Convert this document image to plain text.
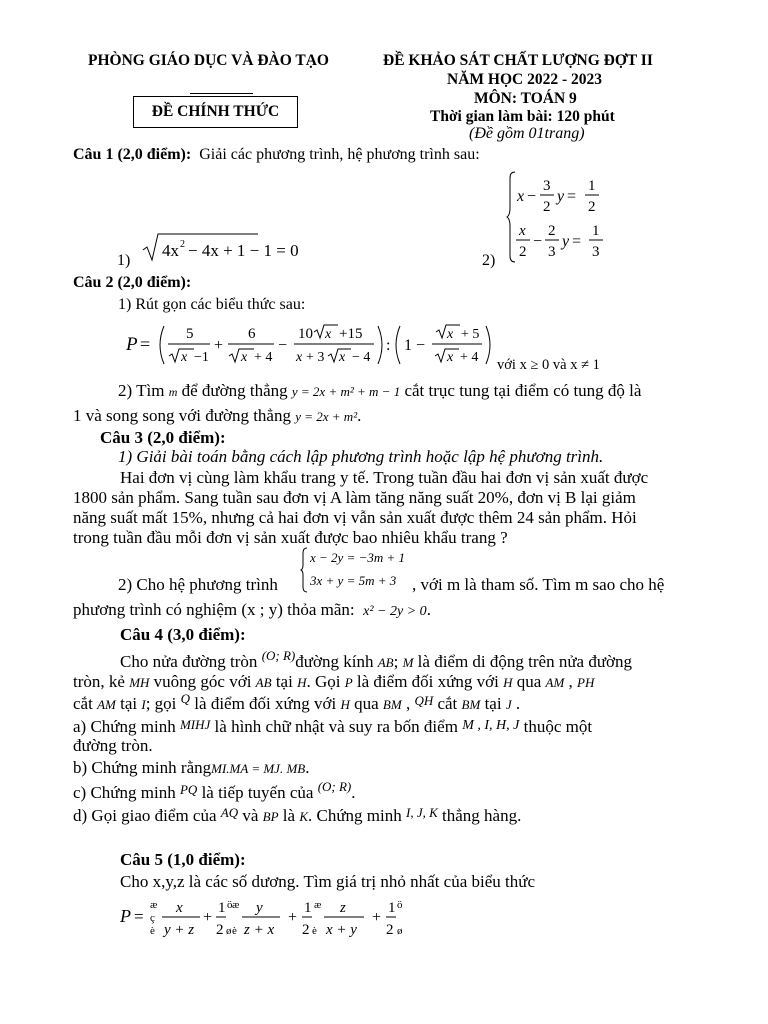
PHÒNG GIÁO DỤC VÀ ĐÀO TẠO
ĐỀ CHÍNH THỨC
ĐỀ KHẢO SÁT CHẤT LƯỢNG ĐỢT II
NĂM HỌC 2022 - 2023
MÔN: TOÁN 9
Thời gian làm bài: 120 phút
(Đề gồm 01trang)
Câu 1 (2,0 điểm): Giải các phương trình, hệ phương trình sau:
1)
4x 2 − 4x + 1 − 1 = 0
2)
x −
3
2
y =
1
2
x
2
−
2
3
y =
1
3
Câu 2 (2,0 điểm):
1) Rút gọn các biểu thức sau:
P = 5
x −1
+
6
x + 4
−
10 x +15
x + 3 x − 4
: 1 −
x + 5
x + 4 với x ≥ 0 và x ≠ 1
2) Tìm m để đường thẳng y = 2x + m² + m − 1 cắt trục tung tại điểm có tung độ là
1 và song song với đường thẳng y = 2x + m².
Câu 3 (2,0 điểm):
1) Giải bài toán bằng cách lập phương trình hoặc lập hệ phương trình.
Hai đơn vị cùng làm khẩu trang y tế. Trong tuần đầu hai đơn vị sản xuất được
1800 sản phẩm. Sang tuần sau đơn vị A làm tăng năng suất 20%, đơn vị B lại giảm
năng suất mất 15%, nhưng cả hai đơn vị vẫn sản xuất được thêm 24 sản phẩm. Hỏi
trong tuần đầu mỗi đơn vị sản xuất được bao nhiêu khẩu trang ?
2) Cho hệ phương trình
x − 2y = −3m + 1
3x + y = 5m + 3 , với m là tham số. Tìm m sao cho hệ
phương trình có nghiệm (x ; y) thỏa mãn: x² − 2y > 0.
Câu 4 (3,0 điểm):
Cho nửa đường tròn $^{(O; R)}$đường kính AB; M là điểm di động trên nửa đường
tròn, kẻ MH vuông góc với AB tại H. Gọi P là điểm đối xứng với H qua AM , PH
cắt AM tại I; gọi $^Q$ là điểm đối xứng với H qua BM , $^{QH}$ cắt BM tại J .
a) Chứng minh MIHJ là hình chữ nhật và suy ra bốn điểm M , I, H, J thuộc một
đường tròn.
b) Chứng minh rằngMI.MA = MJ. MB.
c) Chứng minh $^{PQ}$ là tiếp tuyến của $^{(O; R)}$.
d) Gọi giao điểm của $^{AQ}$ và BP là K. Chứng minh $^{I, J, K}$ thẳng hàng.
Câu 5 (1,0 điểm):
Cho x,y,z là các số dương. Tìm giá trị nhỏ nhất của biểu thức
P =
æ
ç
è
x
y + z
+
1 ö
2 ø
æ
è
y
z + x
+
1 æ
2 è
z
x + y
+
1 ö
2 ø
